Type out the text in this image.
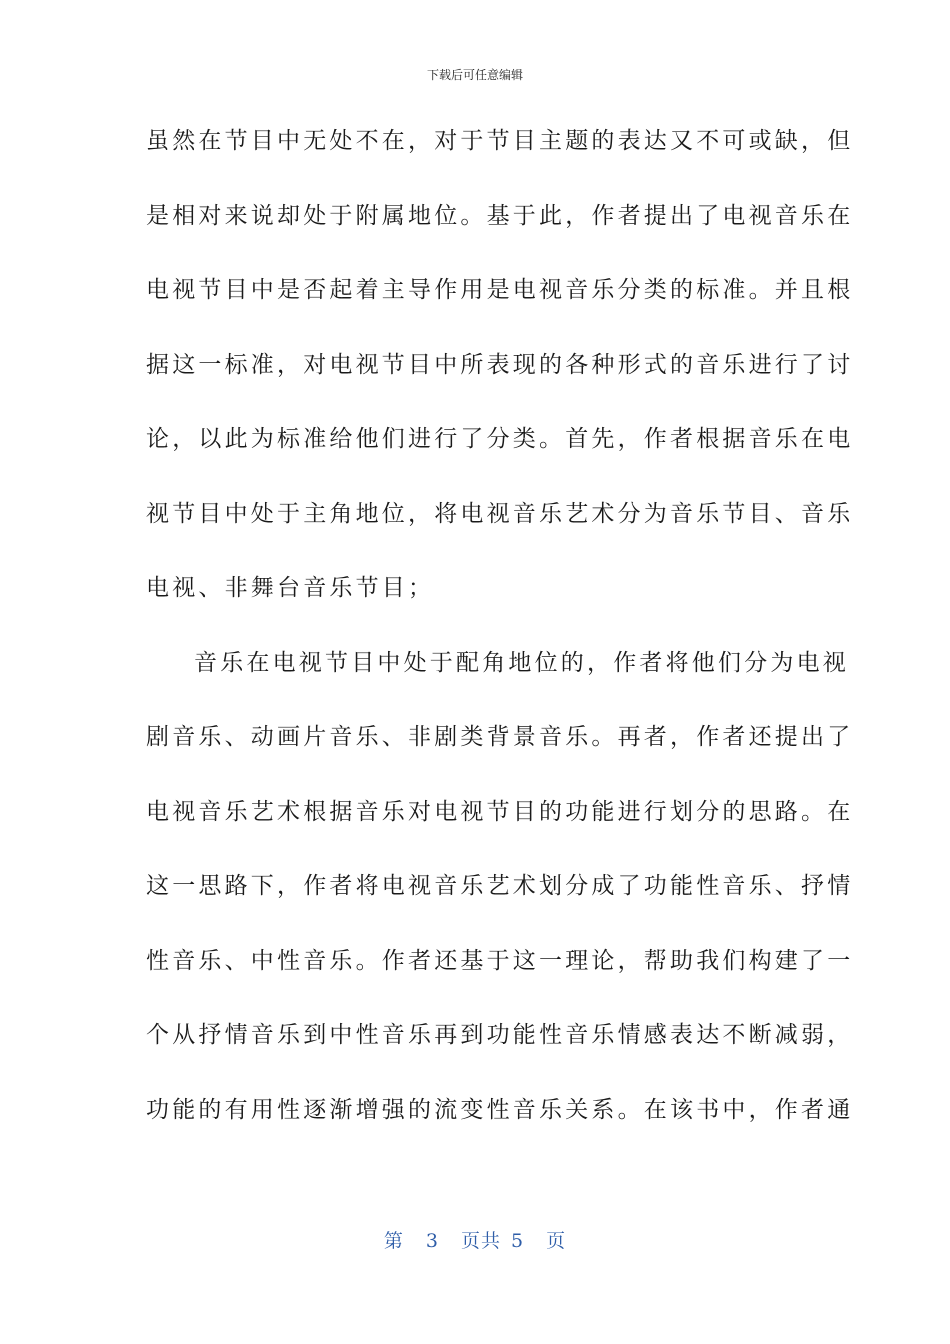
下载后可任意编辑
虽然在节目中无处不在，对于节目主题的表达又不可或缺，但
是相对来说却处于附属地位。基于此，作者提出了电视音乐在
电视节目中是否起着主导作用是电视音乐分类的标准。并且根
据这一标准，对电视节目中所表现的各种形式的音乐进行了讨
论，以此为标准给他们进行了分类。首先，作者根据音乐在电
视节目中处于主角地位，将电视音乐艺术分为音乐节目、音乐
电视、非舞台音乐节目；
音乐在电视节目中处于配角地位的，作者将他们分为电视
剧音乐、动画片音乐、非剧类背景音乐。再者，作者还提出了
电视音乐艺术根据音乐对电视节目的功能进行划分的思路。在
这一思路下，作者将电视音乐艺术划分成了功能性音乐、抒情
性音乐、中性音乐。作者还基于这一理论，帮助我们构建了一
个从抒情音乐到中性音乐再到功能性音乐情感表达不断减弱，
功能的有用性逐渐增强的流变性音乐关系。在该书中，作者通
第 3 页共 5 页
